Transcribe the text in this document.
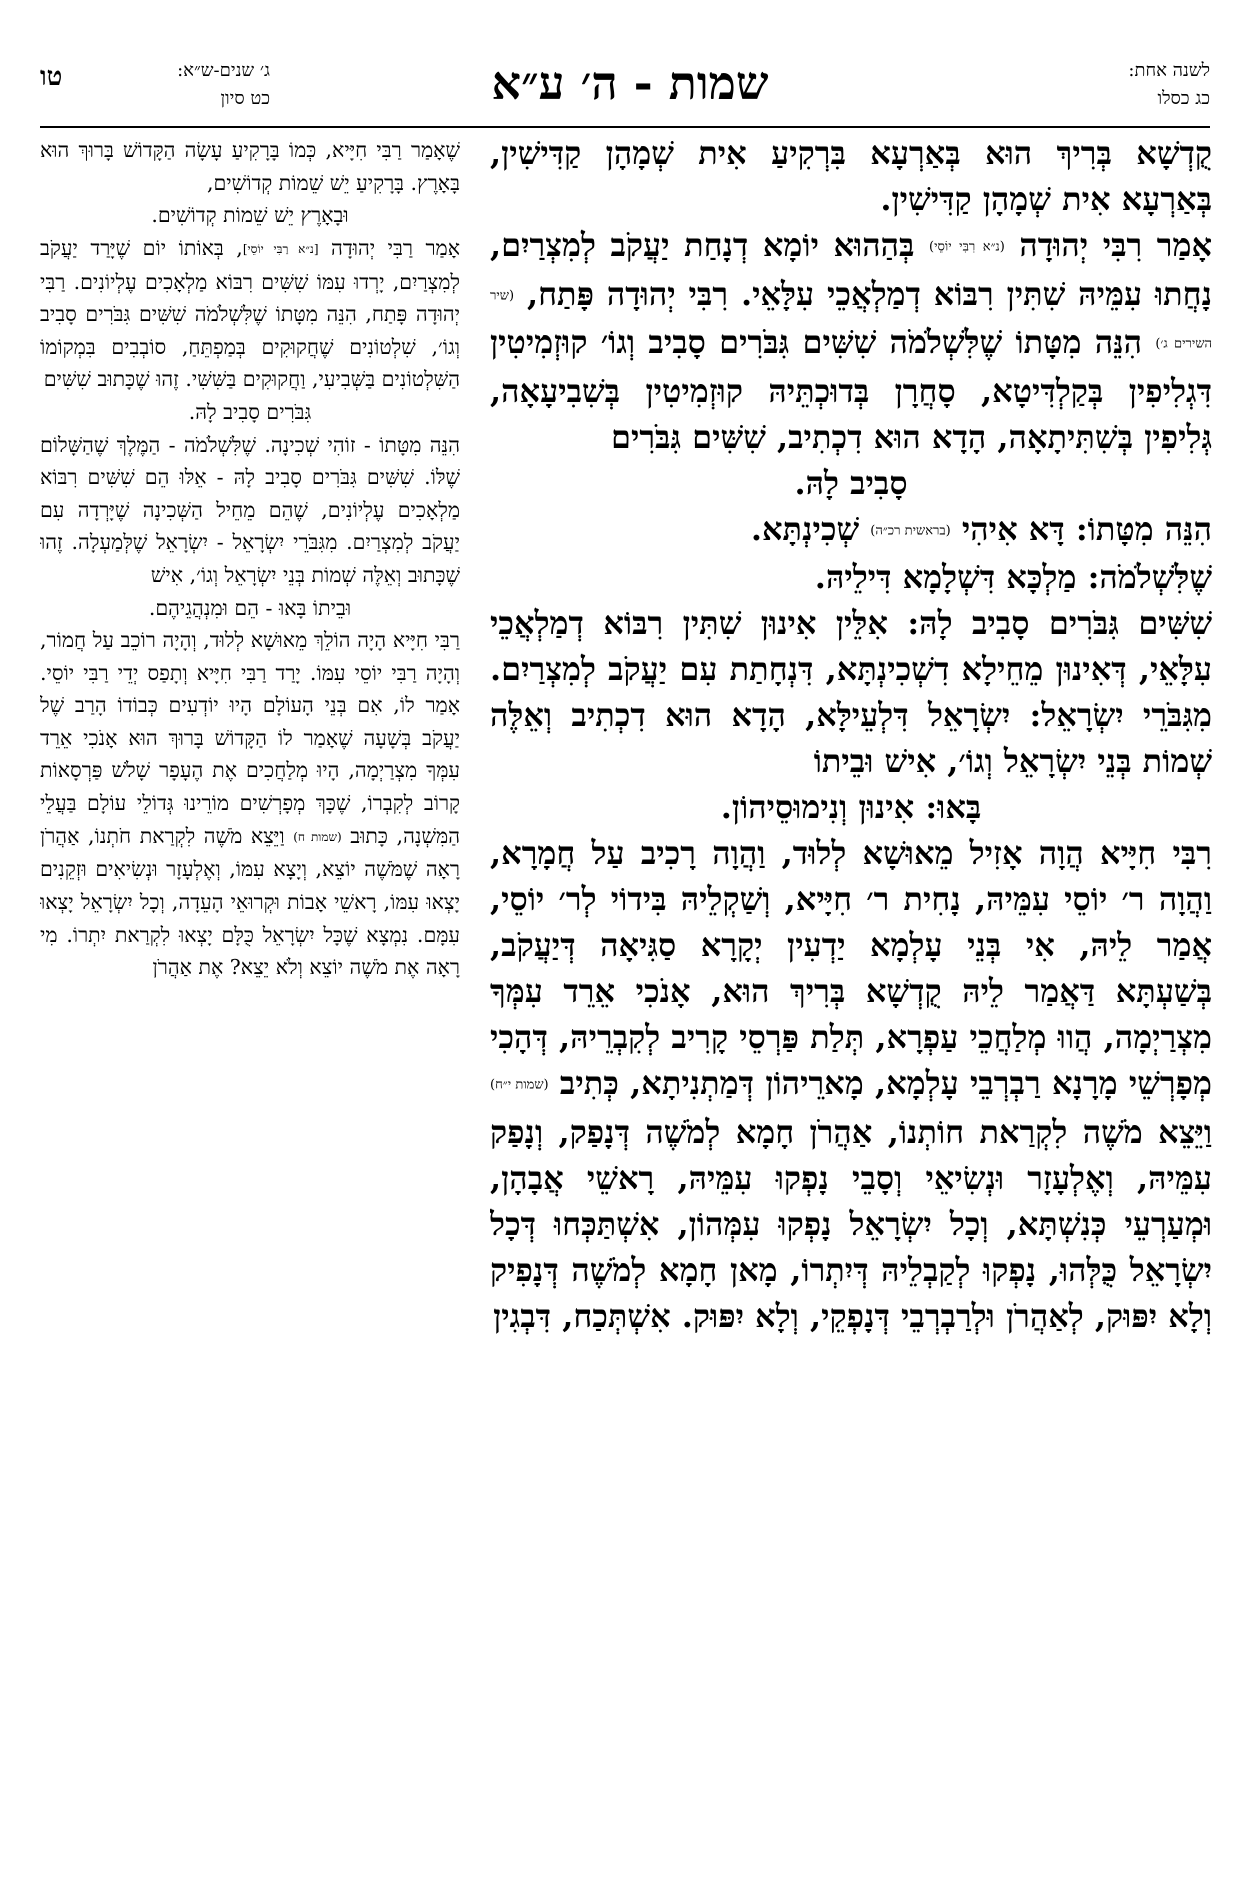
טו	ג׳ שנים-ש״א:
כט סיון	שמות - ה׳ ע״א	לשנה אחת:
כג כסלו

קֻדְשָׁא בְּרִיךְ הוּא בְּאַרְעָא בִּרְקִיעַ אִית שְׁמָהָן קַדִּישִׁין, בְּאַרְעָא אִית שְׁמָהָן קַדִּישִׁין.

אָמַר רִבִּי יְהוּדָה (נ״א רִבִּי יוֹסֵי) בְּהַהוּא יוֹמָא דְנָחַת יַעֲקֹב לְמִצְרַיִם, נָחֲתוּ עִמֵּיהּ שִׁתִּין רִבּוֹא דְמַלְאֲכֵי עִלָּאֵי. רִבִּי יְהוּדָה פָּתַח, (שיר השירים ג׳) הִנֵּה מִטָּתוֹ שֶׁלִּשְׁלֹמֹה שִׁשִּׁים גִּבֹּרִים סָבִיב וְגוֹ׳ קוּזְמִיטִין דִּגְלִיפִין בְּקַלְדִּיטָא, סָחֲרָן בְּדוּכְתֵּיהּ קוּזְמִיטִין בְּשִׁבִיעָאָה, גְּלִיפִין בְּשִׁתִּיתָאָה, הָדָא הוּא דִכְתִיב, שִׁשִּׁים גִּבֹּרִים

סָבִיב לָהּ.

הִנֵּה מִטָּתוֹ: דָּא אִיהִי (בראשית רכ״ה) שְׁכִינְתָּא.

שֶׁלִּשְׁלֹמֹה: מַלְכָּא דִּשְׁלָמָא דִּילֵיהּ.

שִׁשִּׁים גִּבֹּרִים סָבִיב לָהּ: אִלֵּין אִינוּן שִׁתִּין רִבּוֹא דְמַלְאֲכֵי עִלָּאֵי, דְּאִינוּן מֵחֵילָא דִשְׁכִינְתָּא, דִּנְחָתַת עִם יַעֲקֹב לְמִצְרַיִם. מִגִּבֹּרֵי יִשְׂרָאֵל: יִשְׂרָאֵל דִּלְעֵילָּא, הָדָא הוּא דִכְתִיב וְאֵלֶּה שְׁמוֹת בְּנֵי יִשְׂרָאֵל וְגוֹ׳, אִישׁ וּבֵיתוֹ

בָּאוּ: אִינוּן וְנִימוּסֵיהוֹן.

רִבִּי חִיָּיא הֲוָה אָזִיל מֵאוּשָׁא לְלוּד, וַהֲוָה רָכִיב עַל חֲמָרָא, וַהֲוָה ר׳ יוֹסֵי עִמֵּיהּ, נָחִית ר׳ חִיָּיא, וְשַׁקְלֵיהּ בִּידוֹי לְר׳ יוֹסֵי, אֲמַר לֵיהּ, אִי בְּנֵי עָלְמָא יַדְעִין יְקָרָא סַגִּיאָה דְּיַעֲקֹב, בְּשַׁעְתָּא דַּאֲמַר לֵיהּ קֻדְשָׁא בְּרִיךְ הוּא, אָנֹכִי אֵרֵד עִמְּךָ מִצְרַיְמָה, הֲווּ מְלַחֲכֵי עַפְרָא, תְּלַת פַּרְסֵי קָרִיב לְקִבְרֵיהּ, דְּהָכִי מְפָרְשֵׁי מָרָנָא רַבְרְבֵי עָלְמָא, מָארֵיהוֹן דְּמַתְנִיתָא, כְּתִיב (שמות י״ח) וַיֵּצֵא מֹשֶׁה לִקְרַאת חוֹתְנוֹ, אַהֲרֹן חָמָא לְמֹשֶׁה דְּנָפַק, וְנָפַק עִמֵּיהּ, וְאֶלְעָזָר וּנְשִׂיאֵי וְסָבֵי נָפְקוּ עִמֵּיהּ, רָאשֵׁי אֲבָהָן, וּמְעַרְעֵי כְּנִשְׁתָּא, וְכָל יִשְׂרָאֵל נָפְקוּ עִמְּהוֹן, אִשְׁתַּכְּחוּ דְּכָל יִשְׂרָאֵל כֻּלְּהוּ, נָפְקוּ לְקַבְלֵיהּ דְּיִתְרוֹ, מָאן חָמָא לְמֹשֶׁה דְּנָפִיק וְלָא יִפּוּק, לְאַהֲרֹן וּלְרַבְרְבֵי דְּנָפְקֵי, וְלָא יִפּוּק. אִשְׁתְּכַח, דִּבְגִין

שֶׁאָמַר רַבִּי חִיָּיא, כְּמוֹ בָּרָקִיעַ עָשָׂה הַקָּדוֹשׁ בָּרוּךְ הוּא בָּאָרֶץ. בָּרָקִיעַ יֵשׁ שֵׁמוֹת קְדוֹשִׁים,

וּבָאָרֶץ יֵשׁ שֵׁמוֹת קְדוֹשִׁים.

אָמַר רַבִּי יְהוּדָה [נ״א רַבִּי יוֹסֵי], בְּאוֹתוֹ יוֹם שֶׁיָּרַד יַעֲקֹב לְמִצְרַיִם, יָרְדוּ עִמּוֹ שִׁשִּׁים רִבּוֹא מַלְאָכִים עֶלְיוֹנִים. רַבִּי יְהוּדָה פָּתַח, הִנֵּה מִטָּתוֹ שֶׁלִּשְׁלֹמֹה שִׁשִּׁים גִּבֹּרִים סָבִיב וְגוֹ׳, שִׁלְטוֹנִים שֶׁחֲקוּקִים בְּמַפְתֵּחַ, סוֹבְבִים בִּמְקוֹמוֹ הַשִּׁלְטוֹנִים בַּשְּׁבִיעִי, וַחֲקוּקִים בַּשִּׁשִּׁי. זֶהוּ שֶׁכָּתוּב שִׁשִּׁים

גִּבֹּרִים סָבִיב לָהּ.

הִנֵּה מִטָּתוֹ - זוֹהִי שְׁכִינָה. שֶׁלִּשְׁלֹמֹה - הַמֶּלֶךְ שֶׁהַשָּׁלוֹם שֶׁלּוֹ. שִׁשִּׁים גִּבֹּרִים סָבִיב לָהּ - אֵלּוּ הֵם שִׁשִּׁים רִבּוֹא מַלְאָכִים עֶלְיוֹנִים, שֶׁהֵם מֵחֵיל הַשְּׁכִינָה שֶׁיָּרְדָה עִם יַעֲקֹב לְמִצְרַיִם. מִגִּבֹּרֵי יִשְׂרָאֵל - יִשְׂרָאֵל שֶׁלְּמַעְלָה. זֶהוּ שֶׁכָּתוּב וְאֵלֶּה שְׁמוֹת בְּנֵי יִשְׂרָאֵל וְגוֹ׳, אִישׁ

וּבֵיתוֹ בָּאוּ - הֵם וּמִנְהֲגֵיהֶם.

רַבִּי חִיָּיא הָיָה הוֹלֵךְ מֵאוּשָׁא לְלוּד, וְהָיָה רוֹכֵב עַל חֲמוֹר, וְהָיָה רַבִּי יוֹסֵי עִמּוֹ. יָרַד רַבִּי חִיָּיא וְתָפַס יְדֵי רַבִּי יוֹסֵי. אָמַר לוֹ, אִם בְּנֵי הָעוֹלָם הָיוּ יוֹדְעִים כְּבוֹדוֹ הָרַב שֶׁל יַעֲקֹב בְּשָׁעָה שֶׁאָמַר לוֹ הַקָּדוֹשׁ בָּרוּךְ הוּא אָנֹכִי אֵרֵד עִמְּךָ מִצְרַיְמָה, הָיוּ מְלַחֲכִים אֶת הֶעָפָר שָׁלֹשׁ פַּרְסָאוֹת קָרוֹב לְקִבְרוֹ, שֶׁכָּךְ מְפָרְשִׁים מוֹרֵינוּ גְּדוֹלֵי עוֹלָם בַּעֲלֵי הַמִּשְׁנָה, כָּתוּב (שמות ח) וַיֵּצֵא מֹשֶׁה לִקְרַאת חֹתְנוֹ, אַהֲרֹן רָאָה שֶׁמֹּשֶׁה יוֹצֵא, וְיָצָא עִמּוֹ, וְאֶלְעָזָר וּנְשִׂיאִים וּזְקֵנִים יָצְאוּ עִמּוֹ, רָאשֵׁי אָבוֹת וּקְרוּאֵי הָעֵדָה, וְכָל יִשְׂרָאֵל יָצְאוּ עִמָּם. נִמְצָא שֶׁכָּל יִשְׂרָאֵל כֻּלָּם יָצְאוּ לִקְרַאת יִתְרוֹ. מִי רָאָה אֶת מֹשֶׁה יוֹצֵא וְלֹא יֵצֵא? אֶת אַהֲרֹן
